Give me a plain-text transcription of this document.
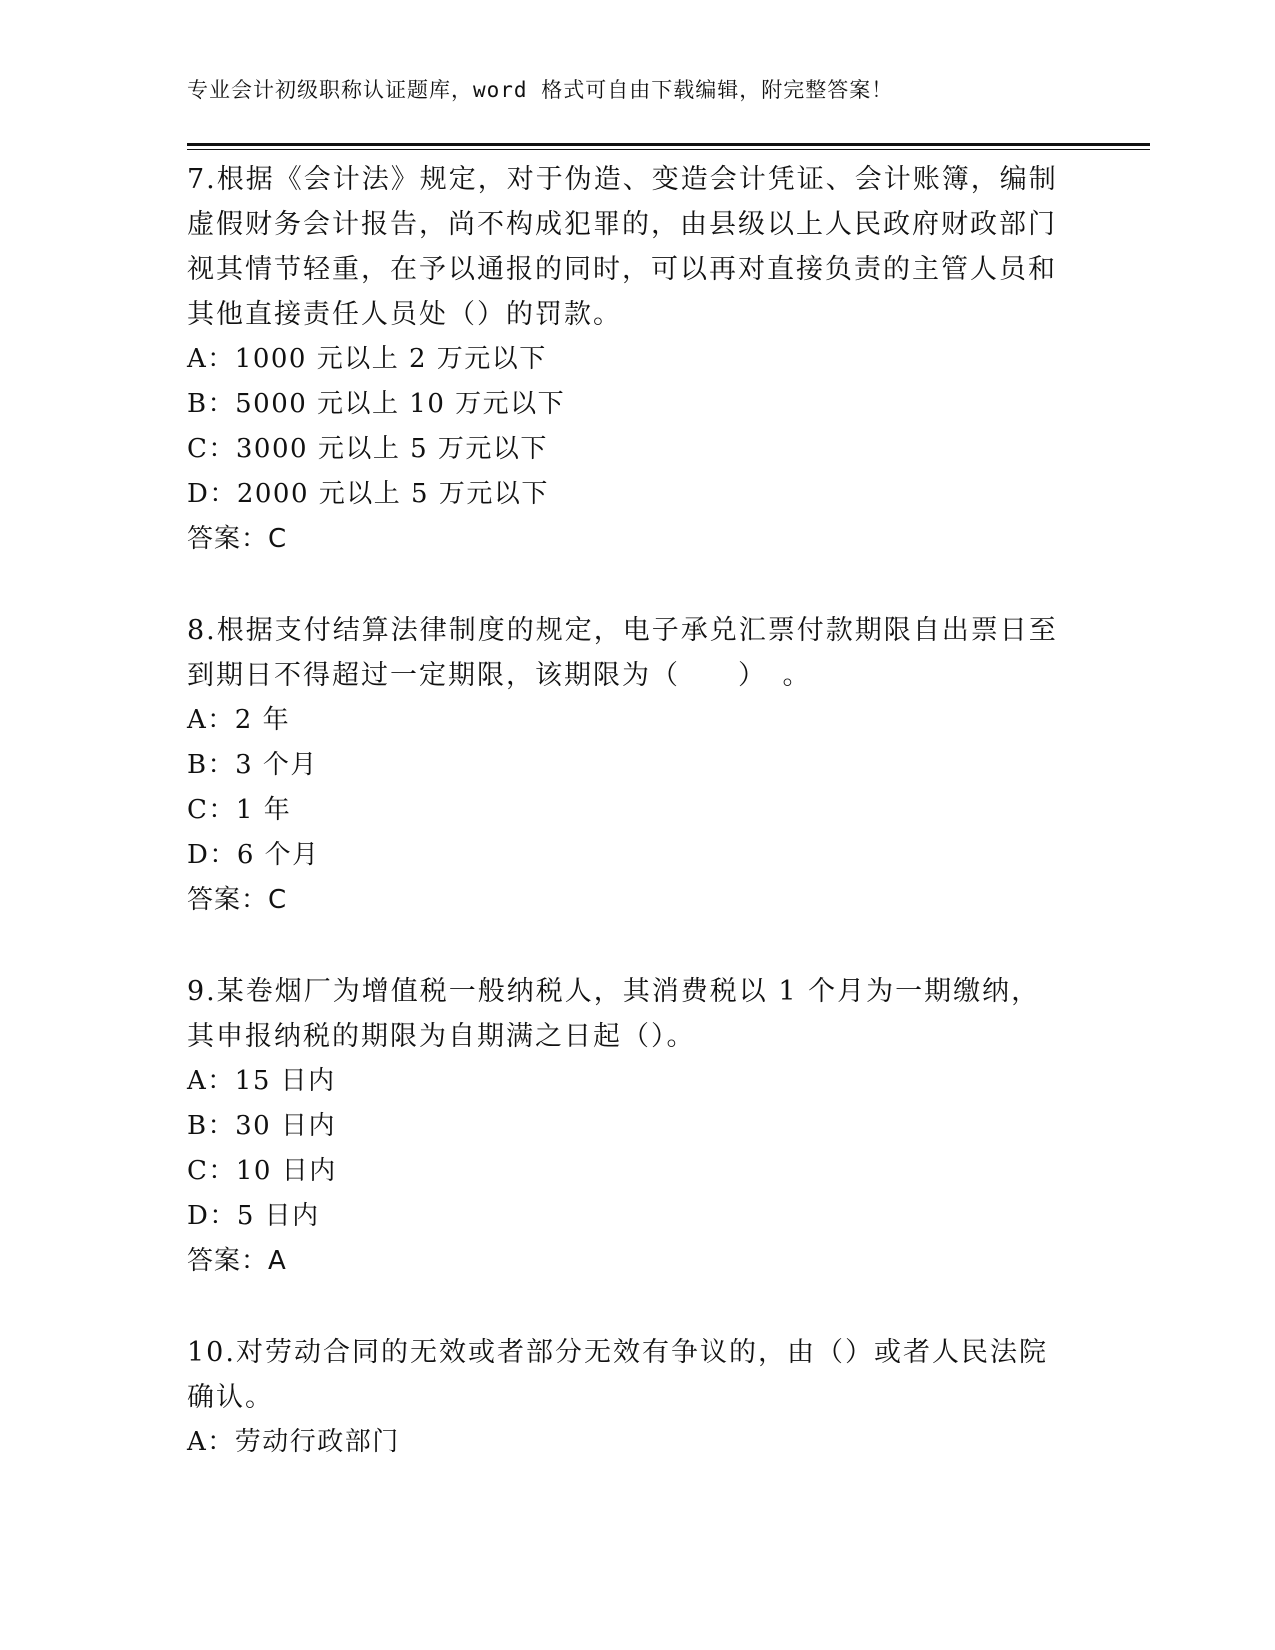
专业会计初级职称认证题库，word 格式可自由下载编辑，附完整答案！

7.根据《会计法》规定，对于伪造、变造会计凭证、会计账簿，编制虚假财务会计报告，尚不构成犯罪的，由县级以上人民政府财政部门视其情节轻重，在予以通报的同时，可以再对直接负责的主管人员和其他直接责任人员处（）的罚款。

A：1000 元以上 2 万元以下

B：5000 元以上 10 万元以下

C：3000 元以上 5 万元以下

D：2000 元以上 5 万元以下

答案：C

8.根据支付结算法律制度的规定，电子承兑汇票付款期限自出票日至到期日不得超过一定期限，该期限为（　　）　。

A：2 年

B：3 个月

C：1 年

D：6 个月

答案：C

9.某卷烟厂为增值税一般纳税人，其消费税以 1 个月为一期缴纳，其申报纳税的期限为自期满之日起（）。

A：15 日内

B：30 日内

C：10 日内

D：5 日内

答案：A

10.对劳动合同的无效或者部分无效有争议的，由（）或者人民法院确认。

A：劳动行政部门
